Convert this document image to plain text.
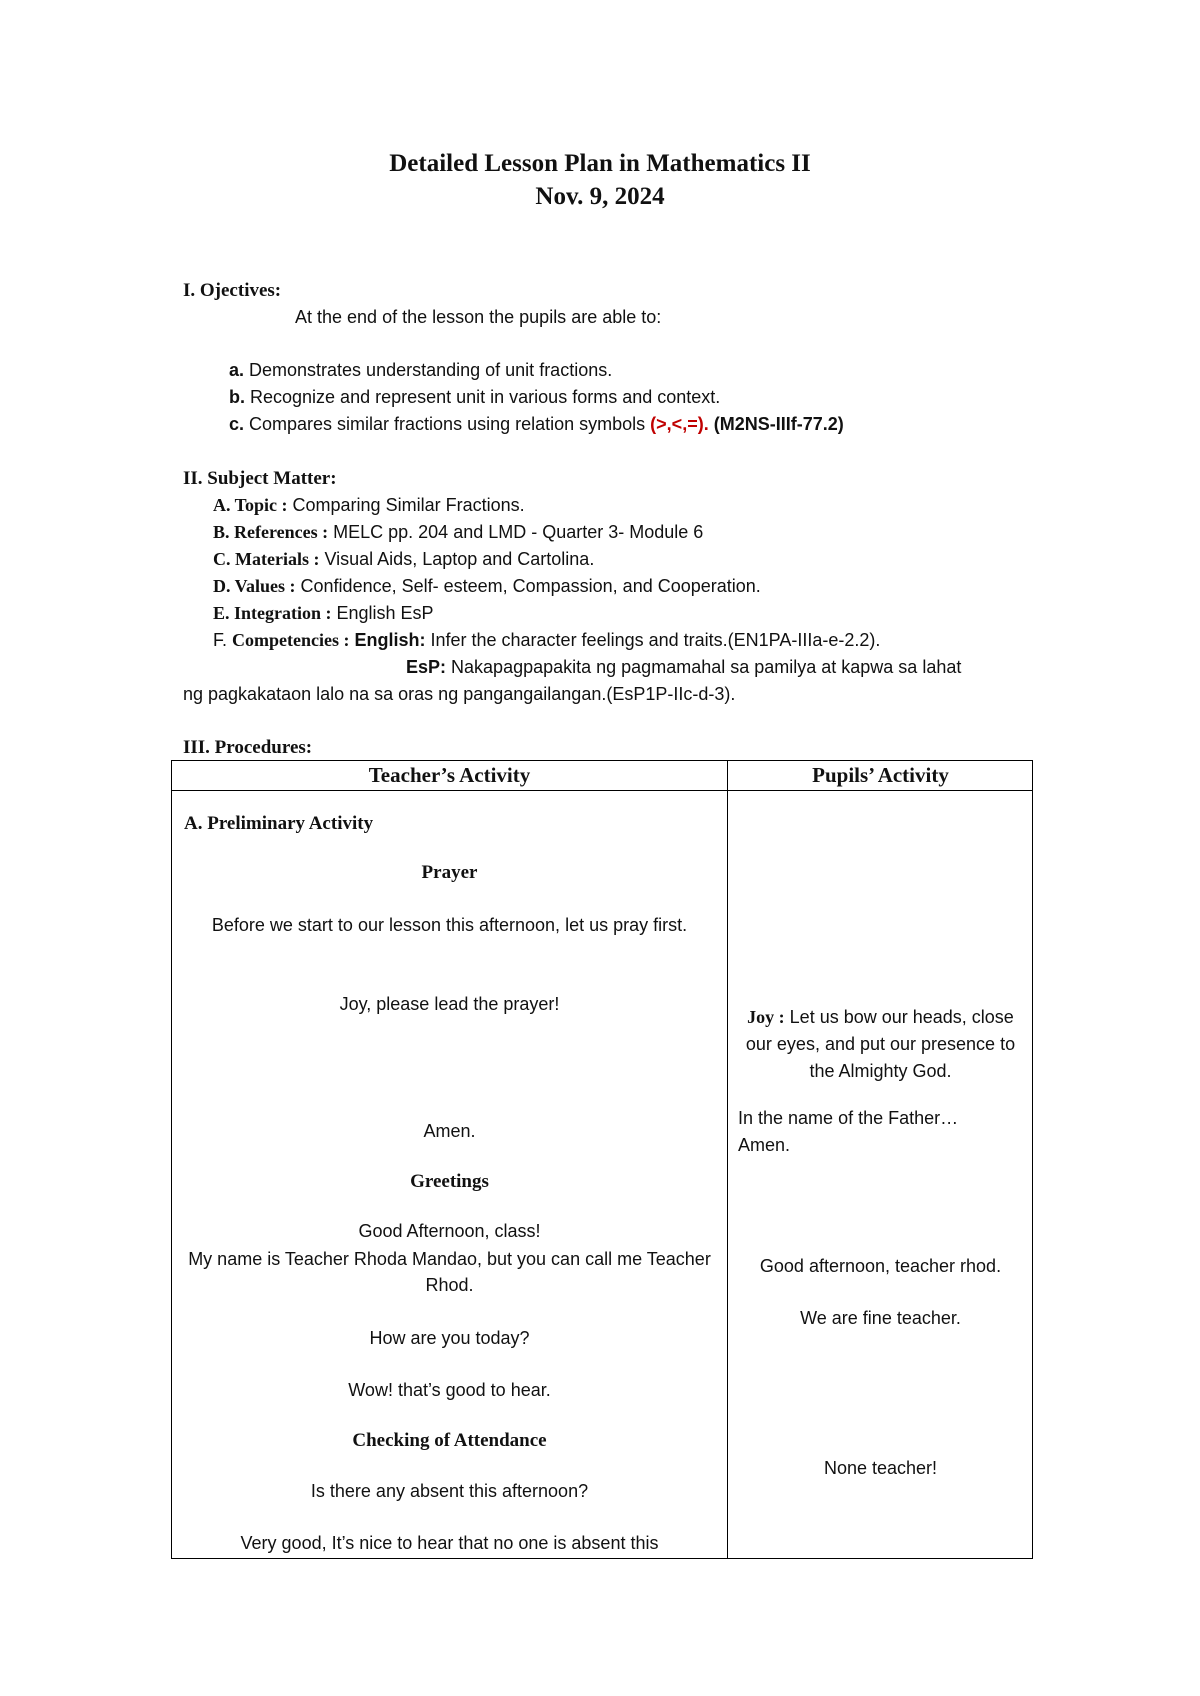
Detailed Lesson Plan in Mathematics II
Nov. 9, 2024
I. Ojectives:
At the end of the lesson the pupils are able to:
a. Demonstrates understanding of unit fractions.
b. Recognize and represent unit in various forms and context.
c. Compares similar fractions using relation symbols (>,<,=). (M2NS-IIIf-77.2)
II. Subject Matter:
A. Topic : Comparing Similar Fractions.
B. References : MELC pp. 204 and LMD - Quarter 3- Module 6
C. Materials : Visual Aids, Laptop and Cartolina.
D. Values : Confidence, Self- esteem, Compassion, and Cooperation.
E. Integration : English EsP
F. Competencies : English: Infer the character feelings and traits.(EN1PA-IIIa-e-2.2).
EsP: Nakapagpapakita ng pagmamahal sa pamilya at kapwa sa lahat
ng pagkakataon lalo na sa oras ng pangangailangan.(EsP1P-IIc-d-3).
III. Procedures:
Teacher’s Activity	Pupils’ Activity
A. Preliminary Activity
Prayer
Before we start to our lesson this afternoon, let us pray first.
Joy, please lead the prayer!
Amen.
Greetings
Good Afternoon, class!
My name is Teacher Rhoda Mandao, but you can call me Teacher Rhod.
How are you today?
Wow! that’s good to hear.
Checking of Attendance
Is there any absent this afternoon?
Very good, It’s nice to hear that no one is absent this
Joy : Let us bow our heads, close our eyes, and put our presence to the Almighty God.
In the name of the Father…
Amen.
Good afternoon, teacher rhod.
We are fine teacher.
None teacher!
